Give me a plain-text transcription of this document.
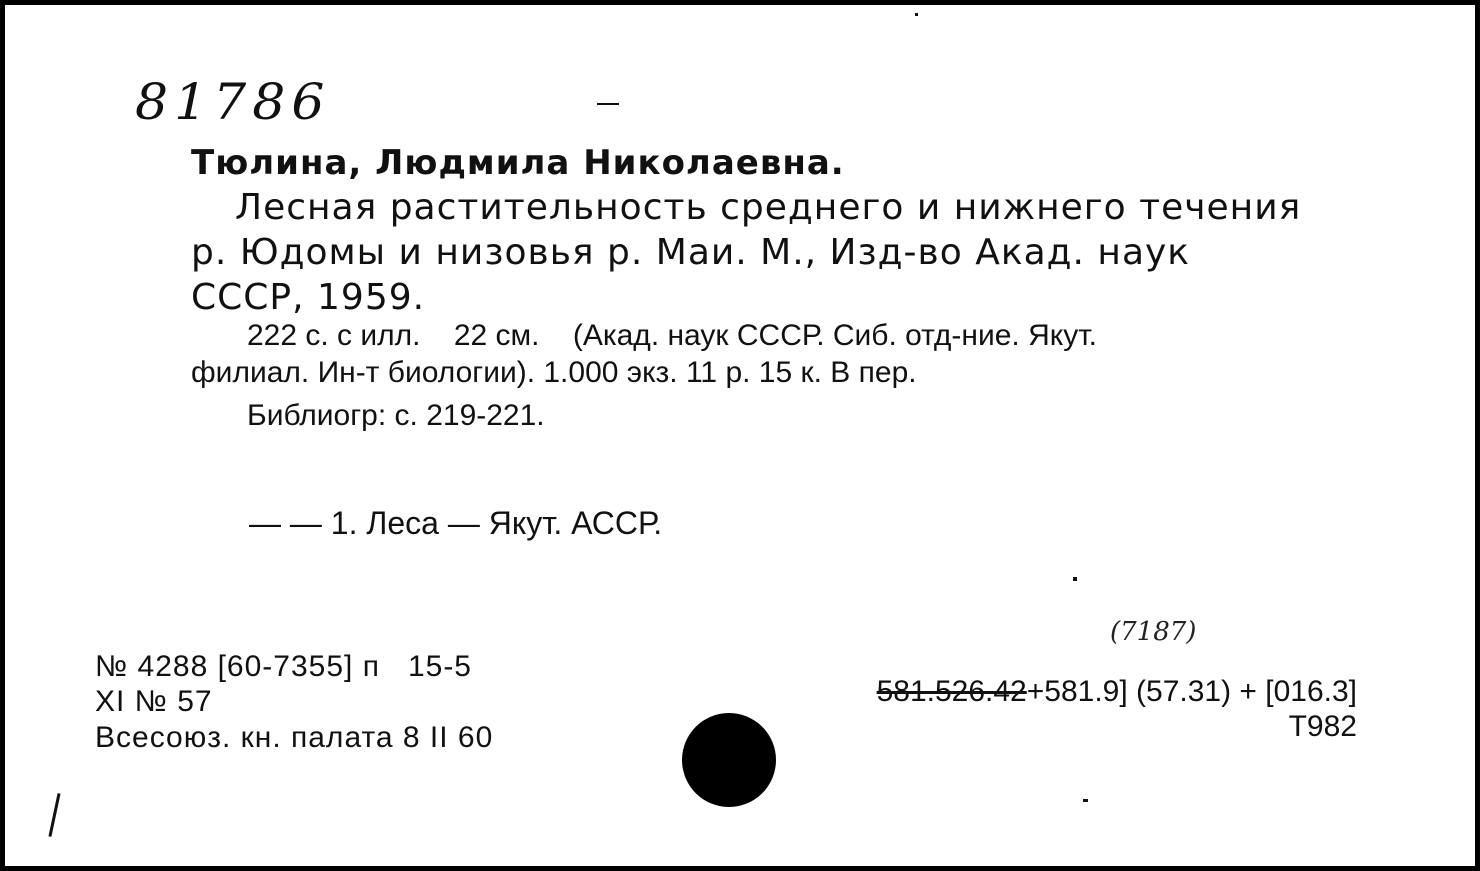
81786
Тюлина, Людмила Николаевна.
Лесная растительность среднего и нижнего течения
р. Юдомы и низовья р. Маи. М., Изд-во Акад. наук
СССР, 1959.
222 с. с илл.    22 см.    (Акад. наук СССР. Сиб. отд-ние. Якут.
филиал. Ин-т биологии). 1.000 экз. 11 р. 15 к. В пер.
Библиогр: с. 219-221.
— — 1. Леса — Якут. АССР.
№ 4288 [60-7355] п   15-5
XI № 57
Всесоюз. кн. палата 8 II 60
(7187)
581.526.42+581.9] (57.31) + [016.3]
T982
